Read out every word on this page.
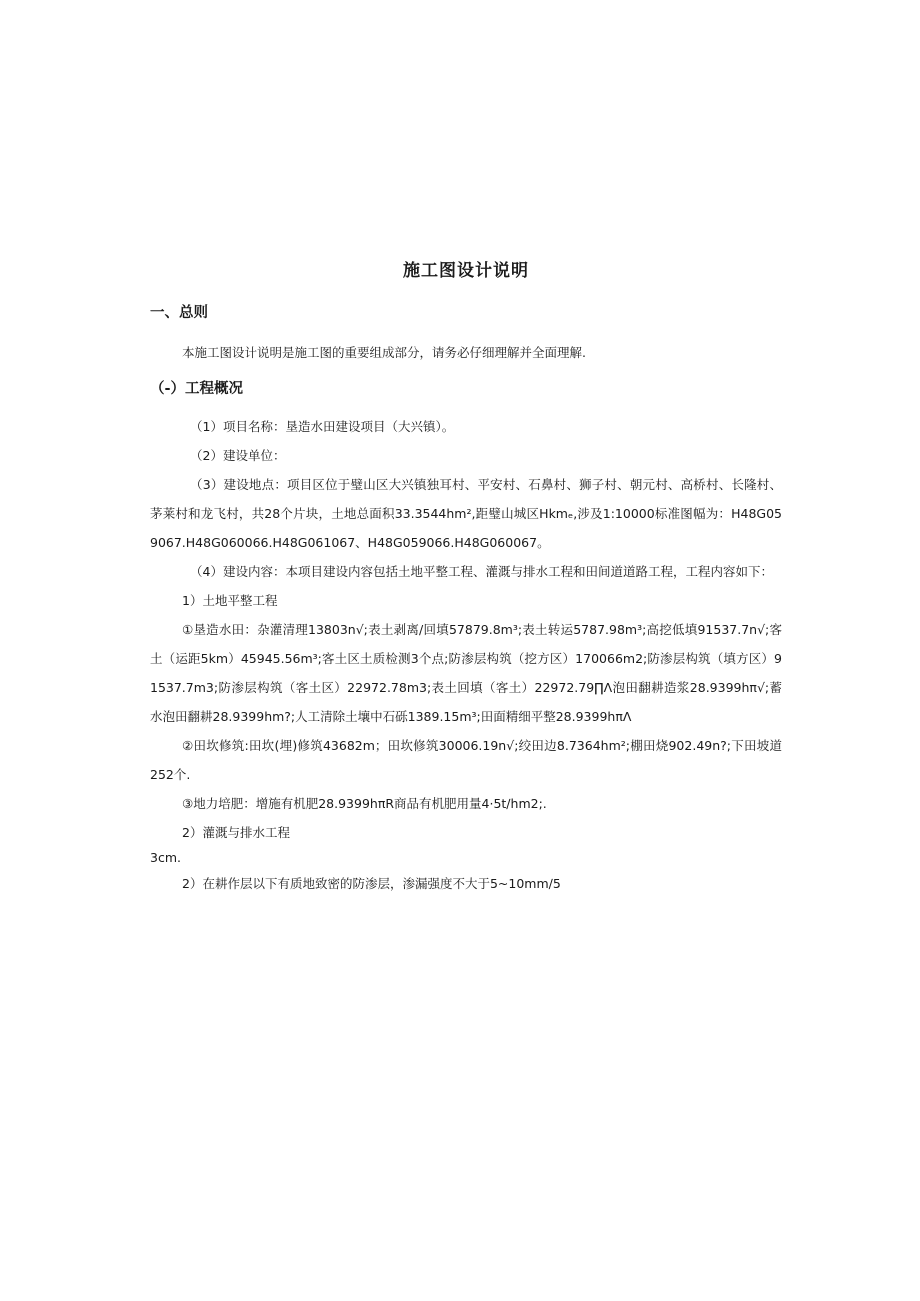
施工图设计说明
一、总则

本施工图设计说明是施工图的重要组成部分，请务必仔细理解并全面理解.

（-）工程概况

（1）项目名称：垦造水田建设项目（大兴镇）。

（2）建设单位：

（3）建设地点：项目区位于璧山区大兴镇独耳村、平安村、石鼻村、狮子村、朝元村、高桥村、长隆村、茅莱村和龙飞村，共28个片块，土地总面积33.3544hm²,距璧山城区Hkmₑ,涉及1:10000标准图幅为：H48G059067.H48G060066.H48G061067、H48G059066.H48G060067。

（4）建设内容：本项目建设内容包括土地平整工程、灌溉与排水工程和田间道道路工程，工程内容如下：

1）土地平整工程

①垦造水田：杂灌清理13803n√;表土剥离/回填57879.8m³;表土转运5787.98m³;高挖低填91537.7n√;客土（运距5km）45945.56m³;客土区土质检测3个点;防渗层构筑（挖方区）170066m2;防渗层构筑（填方区）91537.7m3;防渗层构筑（客土区）22972.78m3;表土回填（客土）22972.79∏Λ泡田翻耕造浆28.9399hπ√;蓄水泡田翻耕28.9399hm?;人工清除土壤中石砾1389.15m³;田面精细平整28.9399hπΛ

②田坎修筑:田坎(埋)修筑43682m；田坎修筑30006.19n√;绞田边8.7364hm²;棚田烧902.49n?;下田坡道252个.

③地力培肥：增施有机肥28.9399hπR商品有机肥用量4·5t∕hm2;.

2）灌溉与排水工程

3cm.

2）在耕作层以下有质地致密的防渗层，渗漏强度不大于5~10mm∕5
